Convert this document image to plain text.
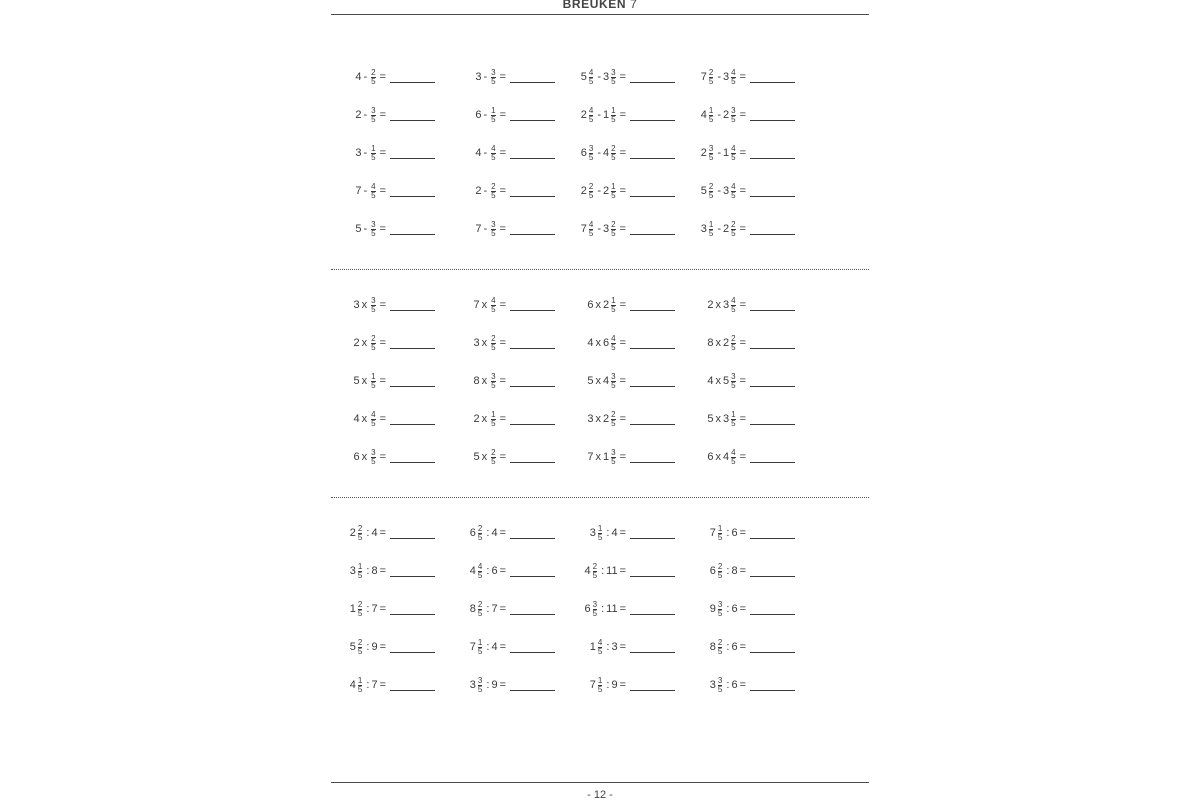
BREUKEN 7
$4 - \frac{2}{5}$ =	$3 - \frac{3}{5}$ =	$5 \frac{4}{5} - 3 \frac{3}{5}$ =	$7 \frac{2}{5} - 3 \frac{4}{5}$ =
$2 - \frac{3}{5}$ =	$6 - \frac{1}{5}$ =	$2 \frac{4}{5} - 1 \frac{1}{5}$ =	$4 \frac{1}{5} - 2 \frac{3}{5}$ =
$3 - \frac{1}{5}$ =	$4 - \frac{4}{5}$ =	$6 \frac{3}{5} - 4 \frac{2}{5}$ =	$2 \frac{3}{5} - 1 \frac{4}{5}$ =
$7 - \frac{4}{5}$ =	$2 - \frac{2}{5}$ =	$2 \frac{2}{5} - 2 \frac{1}{5}$ =	$5 \frac{2}{5} - 3 \frac{4}{5}$ =
$5 - \frac{3}{5}$ =	$7 - \frac{3}{5}$ =	$7 \frac{4}{5} - 3 \frac{2}{5}$ =	$3 \frac{1}{5} - 2 \frac{2}{5}$ =
3 x $\frac{3}{5}$ =	7 x $\frac{4}{5}$ =	6 x $2 \frac{1}{5}$ =	2 x $3 \frac{4}{5}$ =
2 x $\frac{2}{5}$ =	3 x $\frac{2}{5}$ =	4 x $6 \frac{4}{5}$ =	8 x $2 \frac{2}{5}$ =
5 x $\frac{1}{5}$ =	8 x $\frac{3}{5}$ =	5 x $4 \frac{3}{5}$ =	4 x $5 \frac{3}{5}$ =
4 x $\frac{4}{5}$ =	2 x $\frac{1}{5}$ =	3 x $2 \frac{2}{5}$ =	5 x $3 \frac{1}{5}$ =
6 x $\frac{3}{5}$ =	5 x $\frac{2}{5}$ =	7 x $1 \frac{3}{5}$ =	6 x $4 \frac{4}{5}$ =
$2 \frac{2}{5}$ : 4 =	$6 \frac{2}{5}$ : 4 =	$3 \frac{1}{5}$ : 4 =	$7 \frac{1}{5}$ : 6 =
$3 \frac{1}{5}$ : 8 =	$4 \frac{4}{5}$ : 6 =	$4 \frac{2}{5}$ : 11 =	$6 \frac{2}{5}$ : 8 =
$1 \frac{2}{5}$ : 7 =	$8 \frac{2}{5}$ : 7 =	$6 \frac{3}{5}$ : 11 =	$9 \frac{3}{5}$ : 6 =
$5 \frac{2}{5}$ : 9 =	$7 \frac{1}{5}$ : 4 =	$1 \frac{4}{5}$ : 3 =	$8 \frac{2}{5}$ : 6 =
$4 \frac{1}{5}$ : 7 =	$3 \frac{3}{5}$ : 9 =	$7 \frac{1}{5}$ : 9 =	$3 \frac{3}{5}$ : 6 =
- 12 -
